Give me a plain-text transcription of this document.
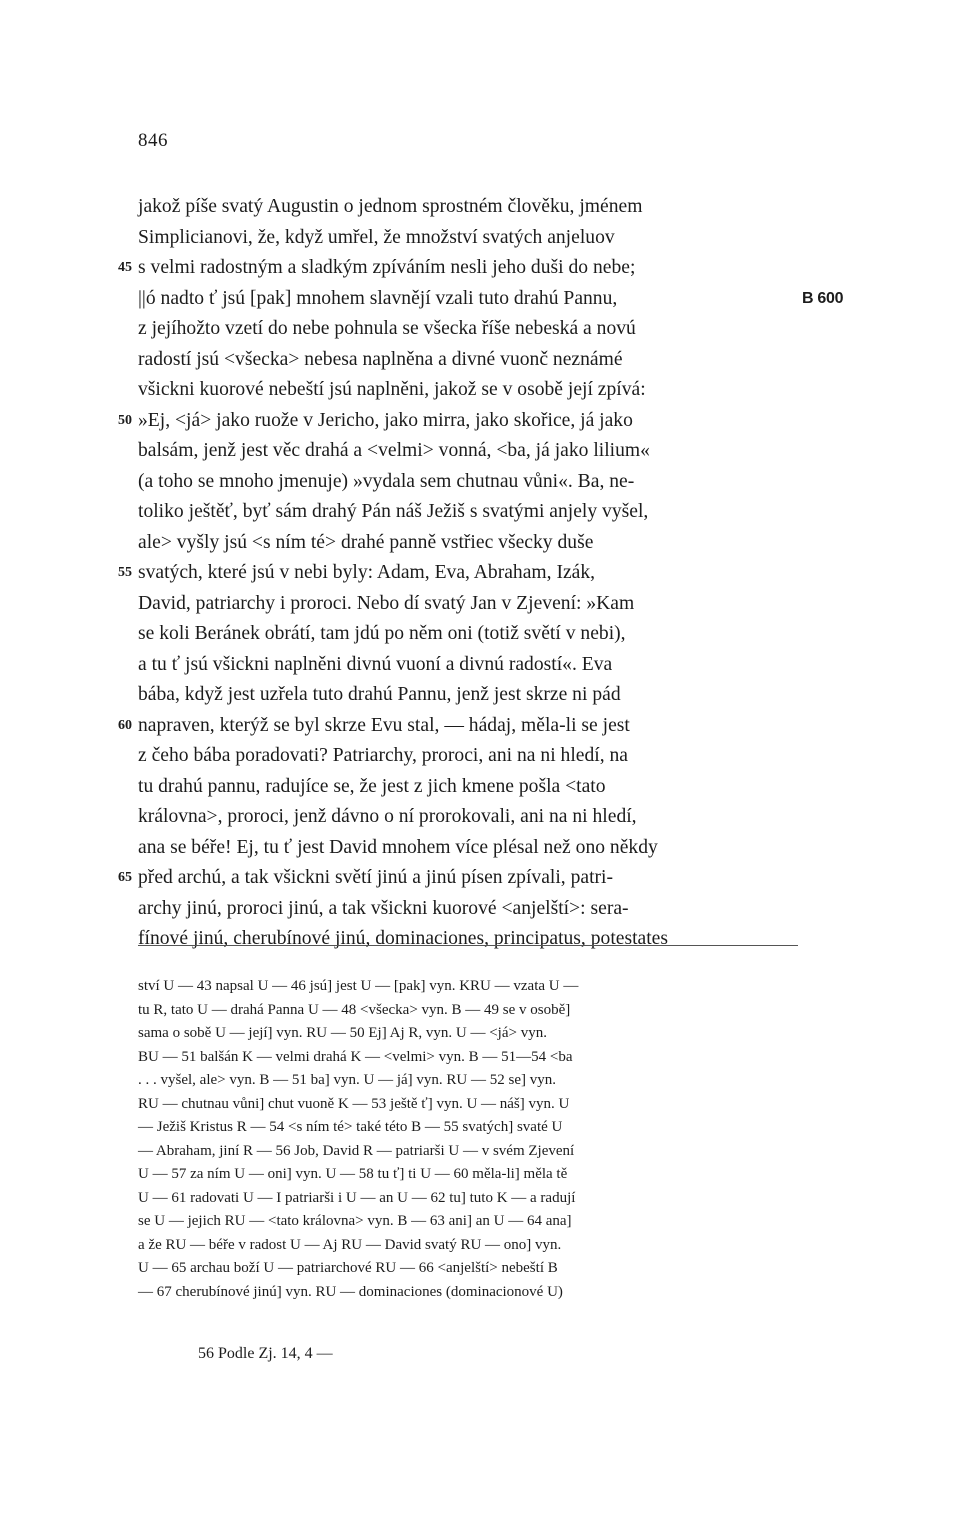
846
jakož píše svatý Augustin o jednom sprostném člověku, jménem
Simplicianovi, že, když umřel, že množství svatých anjeluov
45 s velmi radostným a sladkým zpíváním nesli jeho duši do nebe;
||ó nadto ť jsú [pak] mnohem slavnějí vzali tuto drahú Pannu,	B 600
z jejíhožto vzetí do nebe pohnula se všecka říše nebeská a novú
radostí jsú <všecka> nebesa naplněna a divné vuonč neznámé
všickni kuorové nebeští jsú naplněni, jakož se v osobě její zpívá:
50 »Ej, <já> jako ruože v Jericho, jako mirra, jako skořice, já jako
balsám, jenž jest věc drahá a <velmi> vonná, <ba, já jako lilium«
(a toho se mnoho jmenuje) »vydala sem chutnau vůni«. Ba, ne-
toliko ještěť, byť sám drahý Pán náš Ježiš s svatými anjely vyšel,
ale> vyšly jsú <s ním té> drahé panně vstřiec všecky duše
55 svatých, které jsú v nebi byly: Adam, Eva, Abraham, Izák,
David, patriarchy i proroci. Nebo dí svatý Jan v Zjevení: »Kam
se koli Beránek obrátí, tam jdú po něm oni (totiž světí v nebi),
a tu ť jsú všickni naplněni divnú vuoní a divnú radostí«. Eva
bába, když jest uzřela tuto drahú Pannu, jenž jest skrze ni pád
60 napraven, kterýž se byl skrze Evu stal, — hádaj, měla-li se jest
z čeho bába poradovati? Patriarchy, proroci, ani na ni hledí, na
tu drahú pannu, radujíce se, že jest z jich kmene pošla <tato
královna>, proroci, jenž dávno o ní prorokovali, ani na ni hledí,
ana se béře! Ej, tu ť jest David mnohem více plésal než ono někdy
65 před archú, a tak všickni světí jinú a jinú písen zpívali, patri-
archy jinú, proroci jinú, a tak všickni kuorové <anjelští>: sera-
fínové jinú, cherubínové jinú, dominaciones, principatus, potestates
ství U — 43 napsal U — 46 jsú] jest U — [pak] vyn. KRU — vzata U —
tu R, tato U — drahá Panna U — 48 <všecka> vyn. B — 49 se v osobě]
sama o sobě U — její] vyn. RU — 50 Ej] Aj R, vyn. U — <já> vyn.
BU — 51 balšán K — velmi drahá K — <velmi> vyn. B — 51—54 <ba
. . . vyšel, ale> vyn. B — 51 ba] vyn. U — já] vyn. RU — 52 se] vyn.
RU — chutnau vůni] chut vuoně K — 53 ještě ť] vyn. U — náš] vyn. U
— Ježiš Kristus R — 54 <s ním té> také této B — 55 svatých] svaté U
— Abraham, jiní R — 56 Job, David R — patriarši U — v svém Zjevení
U — 57 za ním U — oni] vyn. U — 58 tu ť] ti U — 60 měla-li] měla tě
U — 61 radovati U — I patriarši i U — an U — 62 tu] tuto K — a radují
se U — jejich RU — <tato královna> vyn. B — 63 ani] an U — 64 ana]
a že RU — béře v radost U — Aj RU — David svatý RU — ono] vyn.
U — 65 archau boží U — patriarchové RU — 66 <anjelští> nebeští B
— 67 cherubínové jinú] vyn. RU — dominaciones (dominacionové U)
56 Podle Zj. 14, 4 —
